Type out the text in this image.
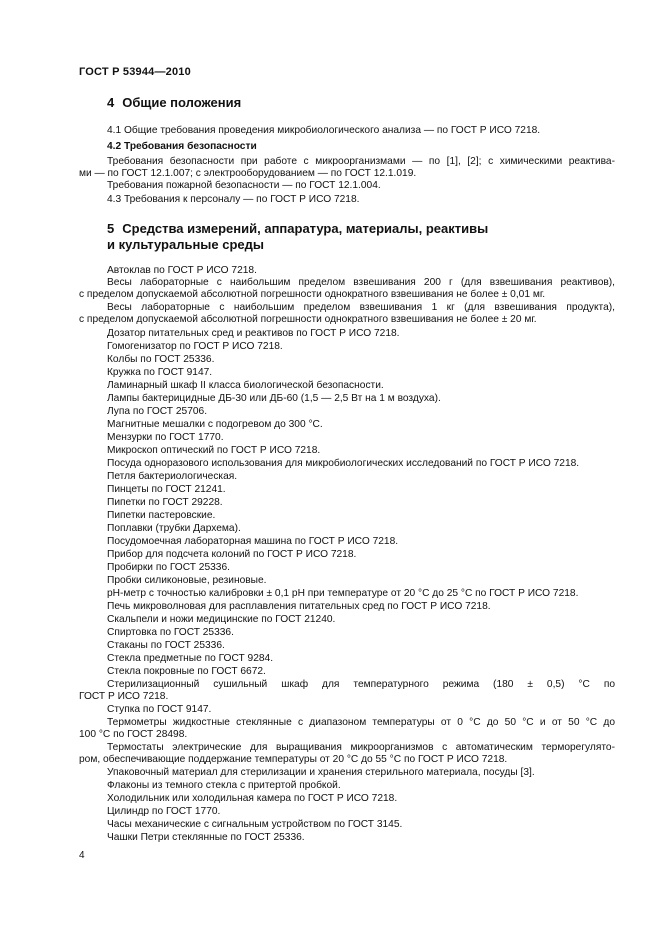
ГОСТ Р 53944—2010
4 Общие положения
4.1 Общие требования проведения микробиологического анализа — по ГОСТ Р ИСО 7218.
4.2 Требования безопасности
Требования безопасности при работе с микроорганизмами — по [1], [2]; с химическими реактива-
ми — по ГОСТ 12.1.007; с электрооборудованием — по ГОСТ 12.1.019.
Требования пожарной безопасности — по ГОСТ 12.1.004.
4.3 Требования к персоналу — по ГОСТ Р ИСО 7218.
5 Средства измерений, аппаратура, материалы, реактивы
и культуральные среды
Автоклав по ГОСТ Р ИСО 7218.
Весы лабораторные с наибольшим пределом взвешивания 200 г (для взвешивания реактивов),
с пределом допускаемой абсолютной погрешности однократного взвешивания не более ± 0,01 мг.
Весы лабораторные с наибольшим пределом взвешивания 1 кг (для взвешивания продукта),
с пределом допускаемой абсолютной погрешности однократного взвешивания не более ± 20 мг.
Дозатор питательных сред и реактивов по ГОСТ Р ИСО 7218.
Гомогенизатор по ГОСТ Р ИСО 7218.
Колбы по ГОСТ 25336.
Кружка по ГОСТ 9147.
Ламинарный шкаф II класса биологической безопасности.
Лампы бактерицидные ДБ-30 или ДБ-60 (1,5 — 2,5 Вт на 1 м воздуха).
Лупа по ГОСТ 25706.
Магнитные мешалки с подогревом до 300 °С.
Мензурки по ГОСТ 1770.
Микроскоп оптический по ГОСТ Р ИСО 7218.
Посуда одноразового использования для микробиологических исследований по ГОСТ Р ИСО 7218.
Петля бактериологическая.
Пинцеты по ГОСТ 21241.
Пипетки по ГОСТ 29228.
Пипетки пастеровские.
Поплавки (трубки Дархема).
Посудомоечная лабораторная машина по ГОСТ Р ИСО 7218.
Прибор для подсчета колоний по ГОСТ Р ИСО 7218.
Пробирки по ГОСТ 25336.
Пробки силиконовые, резиновые.
pH-метр с точностью калибровки ± 0,1 pH при температуре от 20 °С до 25 °С по ГОСТ Р ИСО 7218.
Печь микроволновая для расплавления питательных сред по ГОСТ Р ИСО 7218.
Скальпели и ножи медицинские по ГОСТ 21240.
Спиртовка по ГОСТ 25336.
Стаканы по ГОСТ 25336.
Стекла предметные по ГОСТ 9284.
Стекла покровные по ГОСТ 6672.
Стерилизационный сушильный шкаф для температурного режима (180 ± 0,5) °С по
ГОСТ Р ИСО 7218.
Ступка по ГОСТ 9147.
Термометры жидкостные стеклянные с диапазоном температуры от 0 °С до 50 °С и от 50 °С до
100 °С по ГОСТ 28498.
Термостаты электрические для выращивания микроорганизмов с автоматическим терморегулято-
ром, обеспечивающие поддержание температуры от 20 °С до 55 °С по ГОСТ Р ИСО 7218.
Упаковочный материал для стерилизации и хранения стерильного материала, посуды [3].
Флаконы из темного стекла с притертой пробкой.
Холодильник или холодильная камера по ГОСТ Р ИСО 7218.
Цилиндр по ГОСТ 1770.
Часы механические с сигнальным устройством по ГОСТ 3145.
Чашки Петри стеклянные по ГОСТ 25336.
4
